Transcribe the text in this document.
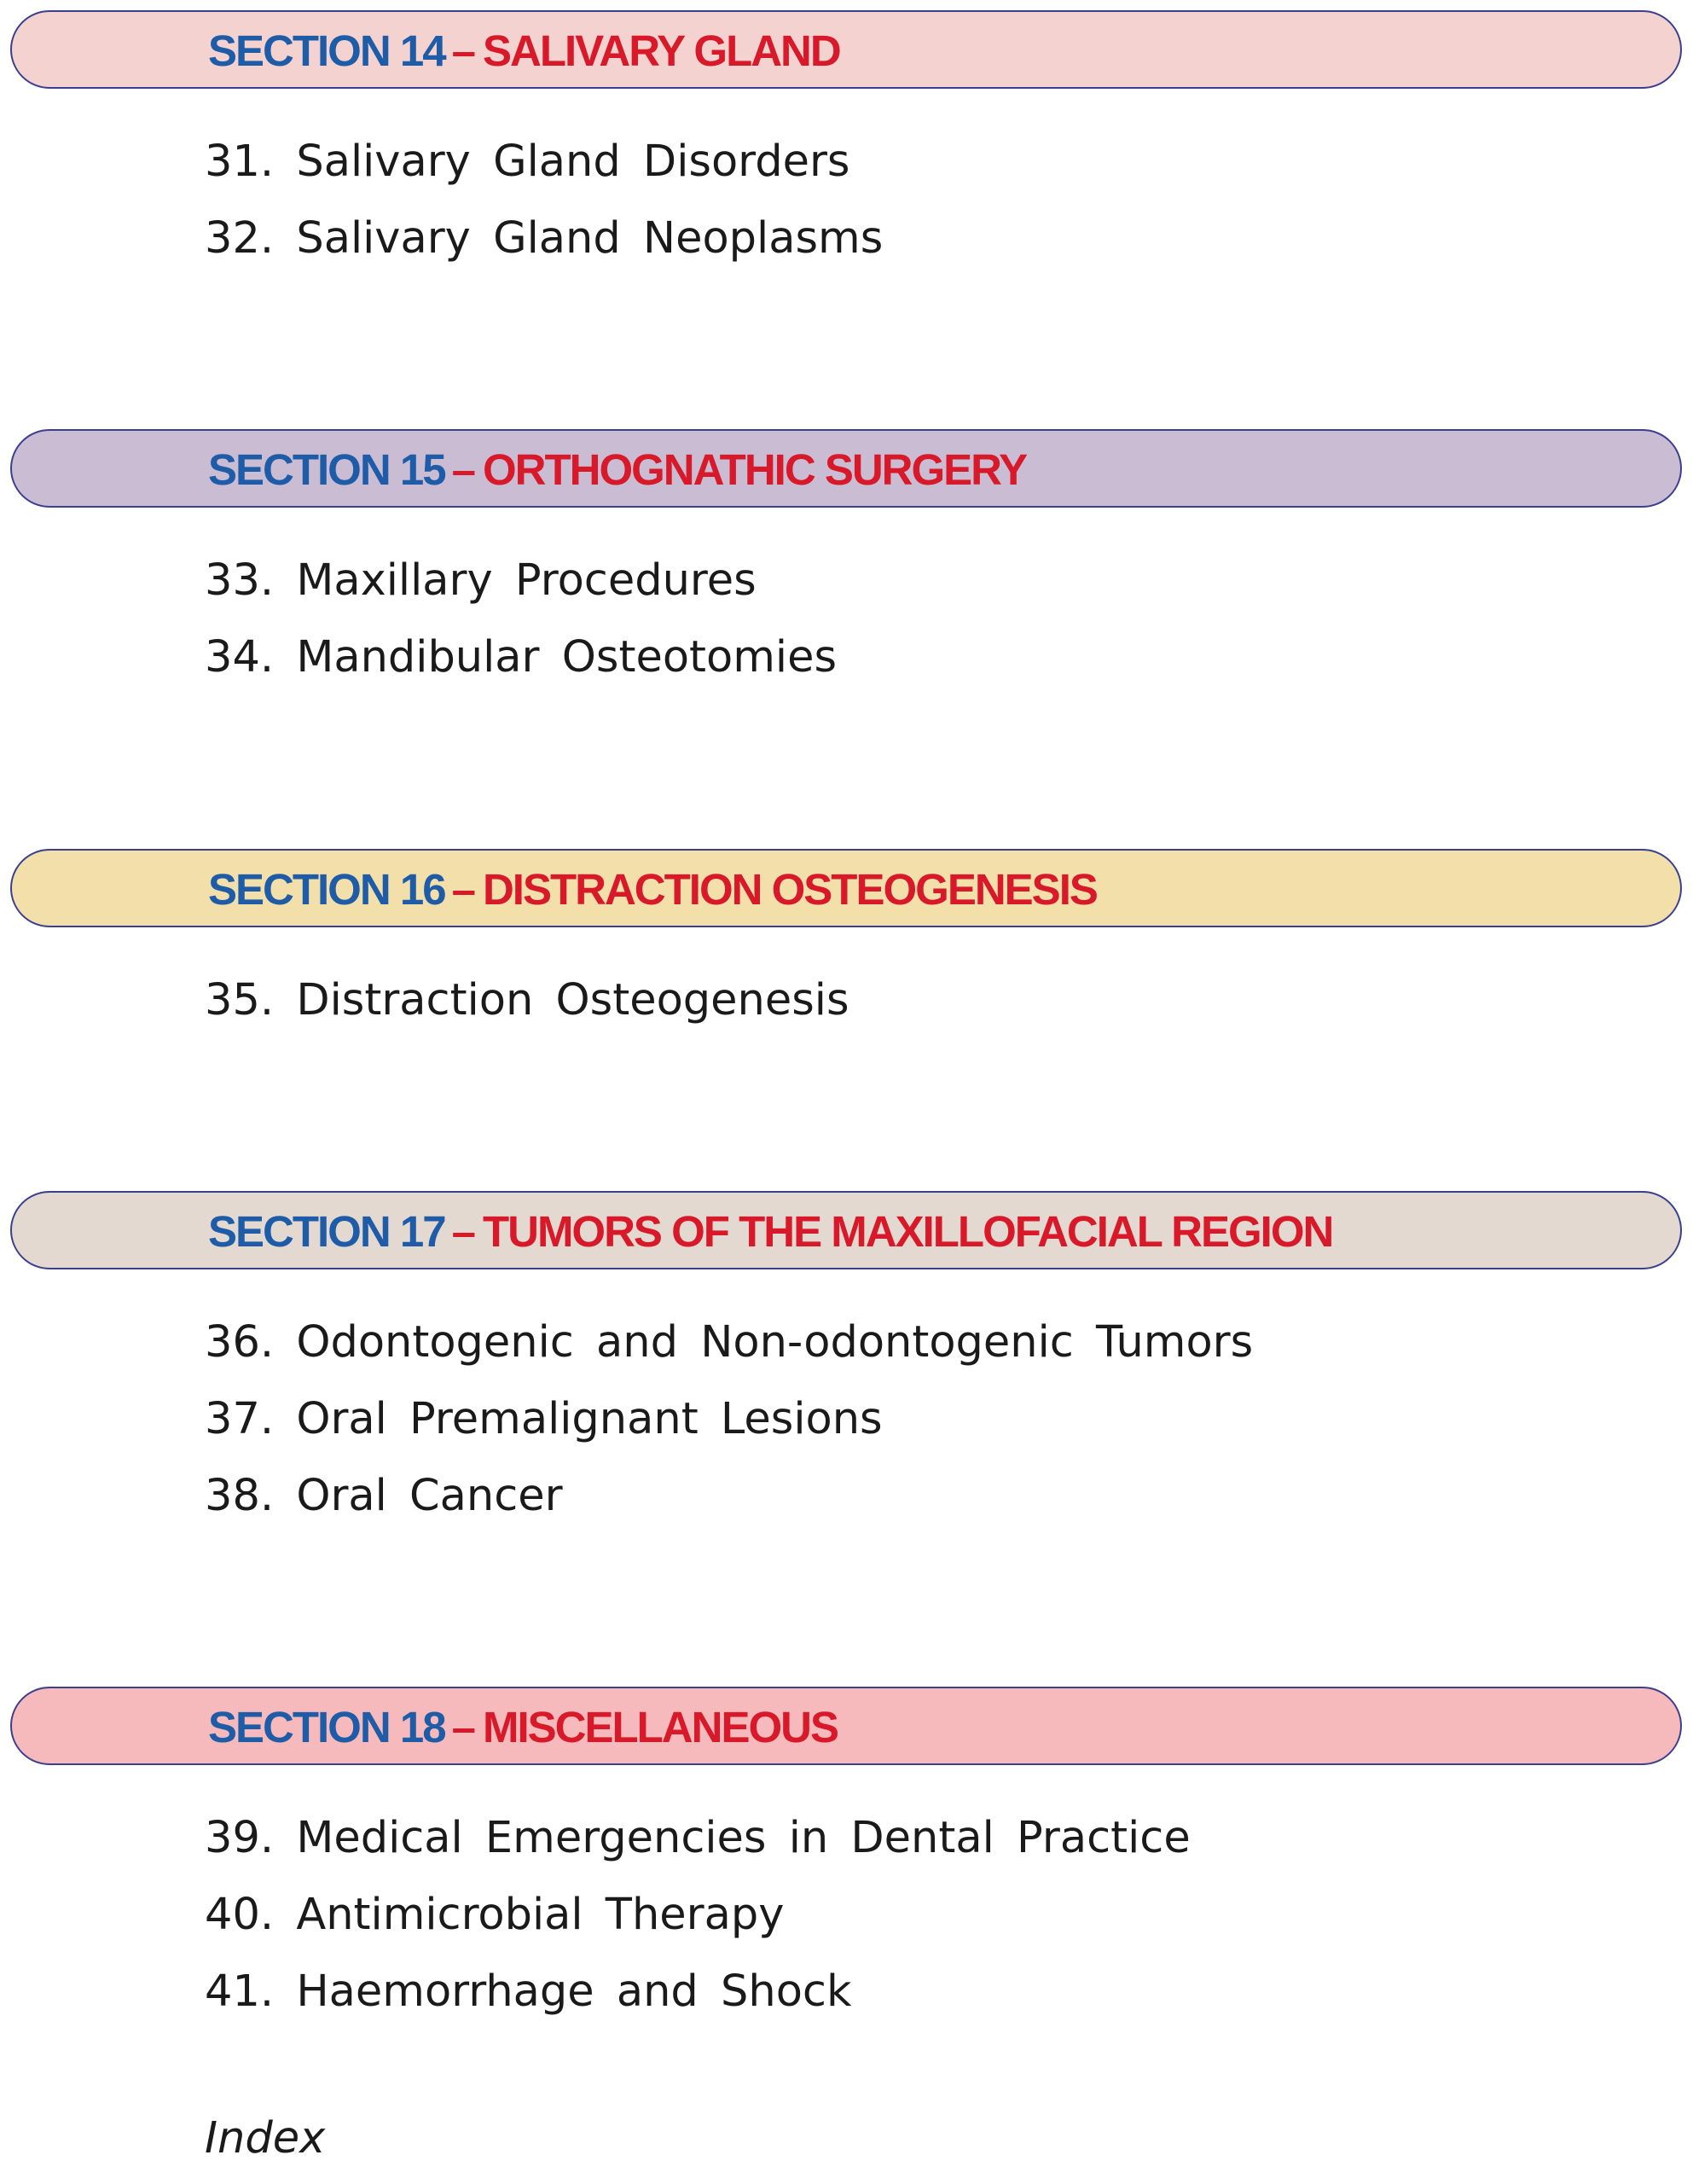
SECTION 14 – SALIVARY GLAND
31. Salivary Gland Disorders
32. Salivary Gland Neoplasms
SECTION 15 – ORTHOGNATHIC SURGERY
33. Maxillary Procedures
34. Mandibular Osteotomies
SECTION 16 – DISTRACTION OSTEOGENESIS
35. Distraction Osteogenesis
SECTION 17 – TUMORS OF THE MAXILLOFACIAL REGION
36. Odontogenic and Non-odontogenic Tumors
37. Oral Premalignant Lesions
38. Oral Cancer
SECTION 18 – MISCELLANEOUS
39. Medical Emergencies in Dental Practice
40. Antimicrobial Therapy
41. Haemorrhage and Shock
Index
